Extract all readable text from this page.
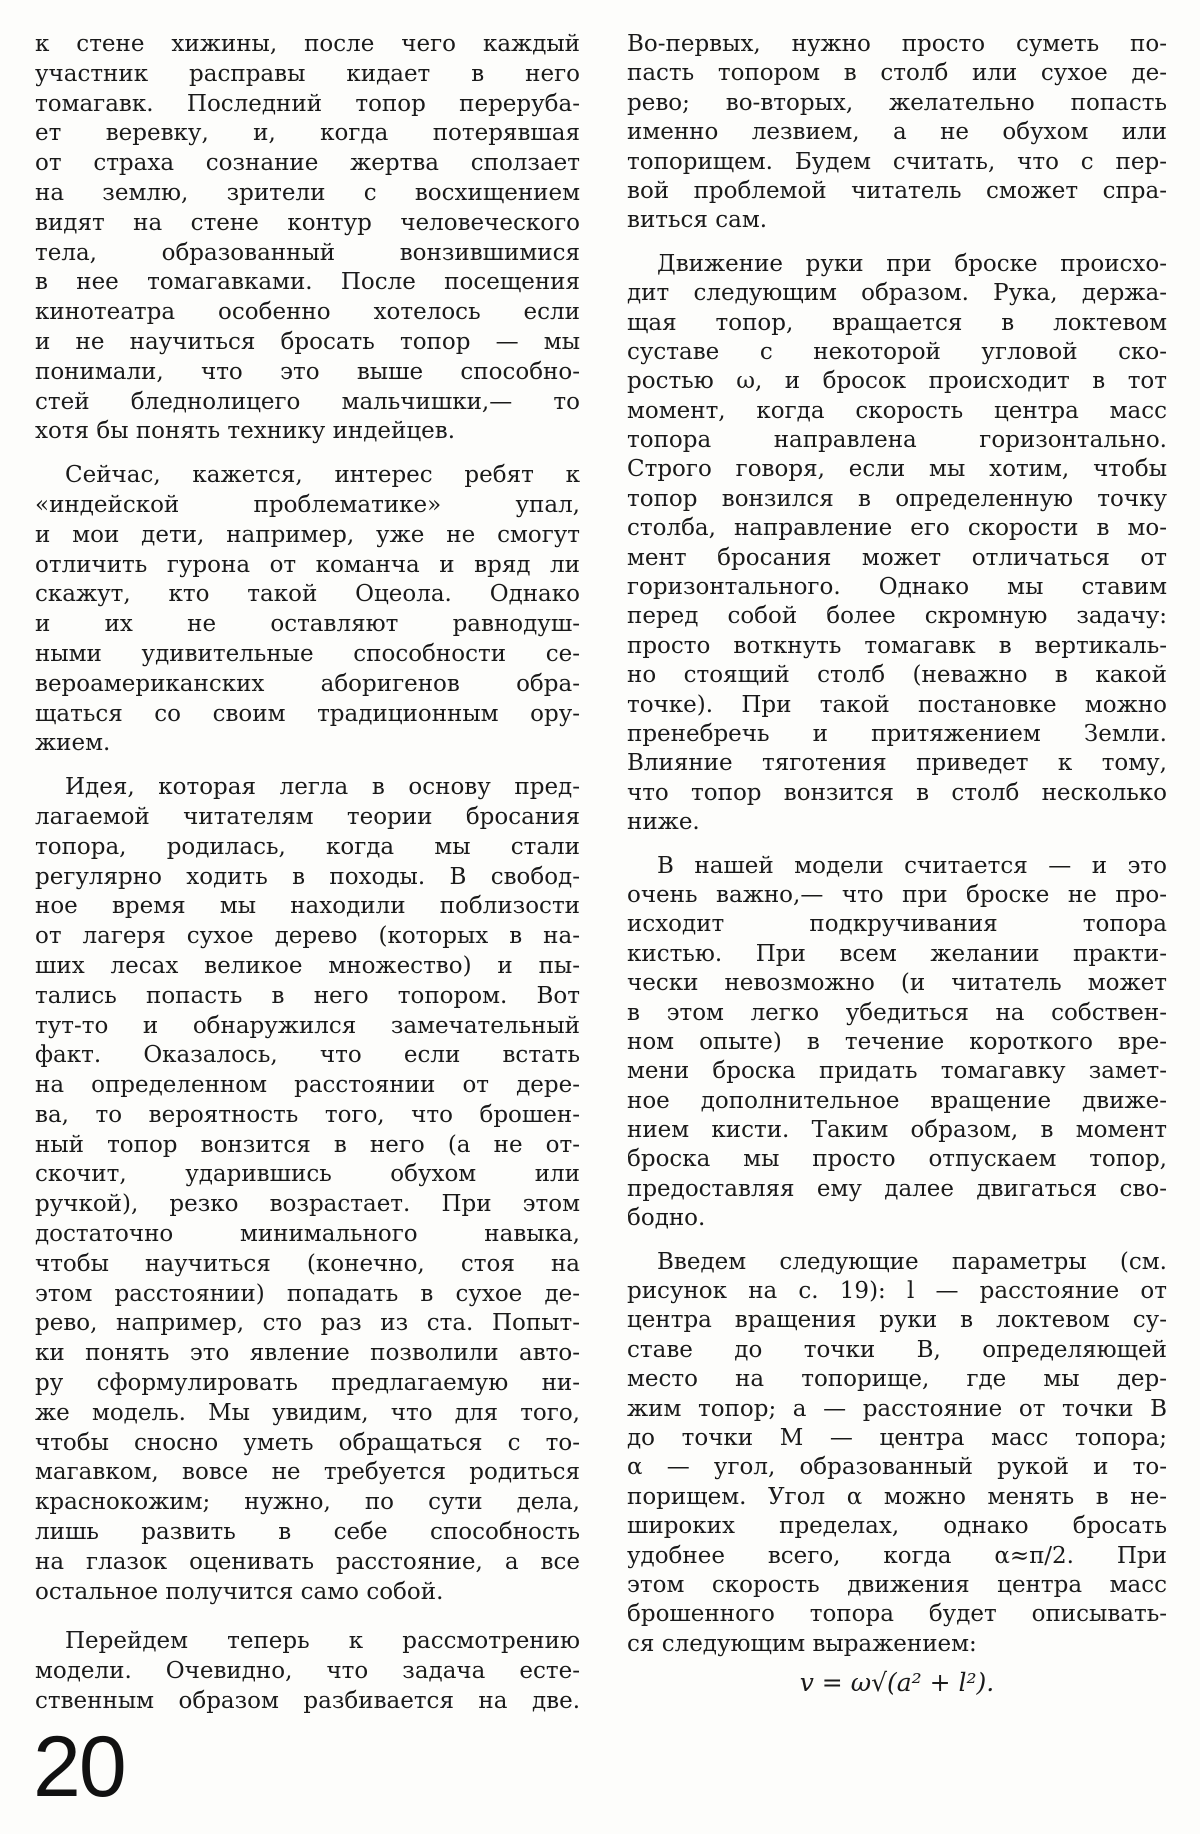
к стене хижины, после чего каждый
участник расправы кидает в него
томагавк. Последний топор переруба-
ет веревку, и, когда потерявшая
от страха сознание жертва сползает
на землю, зрители с восхищением
видят на стене контур человеческого
тела, образованный вонзившимися
в нее томагавками. После посещения
кинотеатра особенно хотелось если
и не научиться бросать топор — мы
понимали, что это выше способно-
стей бледнолицего мальчишки,— то
хотя бы понять технику индейцев.
Сейчас, кажется, интерес ребят к
«индейской проблематике» упал,
и мои дети, например, уже не смогут
отличить гурона от команча и вряд ли
скажут, кто такой Оцеола. Однако
и их не оставляют равнодуш-
ными удивительные способности се-
вероамериканских аборигенов обра-
щаться со своим традиционным ору-
жием.
Идея, которая легла в основу пред-
лагаемой читателям теории бросания
топора, родилась, когда мы стали
регулярно ходить в походы. В свобод-
ное время мы находили поблизости
от лагеря сухое дерево (которых в на-
ших лесах великое множество) и пы-
тались попасть в него топором. Вот
тут-то и обнаружился замечательный
факт. Оказалось, что если встать
на определенном расстоянии от дере-
ва, то вероятность того, что брошен-
ный топор вонзится в него (а не от-
скочит, ударившись обухом или
ручкой), резко возрастает. При этом
достаточно минимального навыка,
чтобы научиться (конечно, стоя на
этом расстоянии) попадать в сухое де-
рево, например, сто раз из ста. Попыт-
ки понять это явление позволили авто-
ру сформулировать предлагаемую ни-
же модель. Мы увидим, что для того,
чтобы сносно уметь обращаться с то-
магавком, вовсе не требуется родиться
краснокожим; нужно, по сути дела,
лишь развить в себе способность
на глазок оценивать расстояние, а все
остальное получится само собой.
Перейдем теперь к рассмотрению
модели. Очевидно, что задача есте-
ственным образом разбивается на две.
Во-первых, нужно просто суметь по-
пасть топором в столб или сухое де-
рево; во-вторых, желательно попасть
именно лезвием, а не обухом или
топорищем. Будем считать, что с пер-
вой проблемой читатель сможет спра-
виться сам.
Движение руки при броске происхо-
дит следующим образом. Рука, держа-
щая топор, вращается в локтевом
суставе с некоторой угловой ско-
ростью ω, и бросок происходит в тот
момент, когда скорость центра масс
топора направлена горизонтально.
Строго говоря, если мы хотим, чтобы
топор вонзился в определенную точку
столба, направление его скорости в мо-
мент бросания может отличаться от
горизонтального. Однако мы ставим
перед собой более скромную задачу:
просто воткнуть томагавк в вертикаль-
но стоящий столб (неважно в какой
точке). При такой постановке можно
пренебречь и притяжением Земли.
Влияние тяготения приведет к тому,
что топор вонзится в столб несколько
ниже.
В нашей модели считается — и это
очень важно,— что при броске не про-
исходит подкручивания топора
кистью. При всем желании практи-
чески невозможно (и читатель может
в этом легко убедиться на собствен-
ном опыте) в течение короткого вре-
мени броска придать томагавку замет-
ное дополнительное вращение движе-
нием кисти. Таким образом, в момент
броска мы просто отпускаем топор,
предоставляя ему далее двигаться сво-
бодно.
Введем следующие параметры (см.
рисунок на с. 19): l — расстояние от
центра вращения руки в локтевом су-
ставе до точки B, определяющей
место на топорище, где мы дер-
жим топор; a — расстояние от точки B
до точки M — центра масс топора;
α — угол, образованный рукой и то-
порищем. Угол α можно менять в не-
широких пределах, однако бросать
удобнее всего, когда α≈π/2. При
этом скорость движения центра масс
брошенного топора будет описывать-
ся следующим выражением:
v = ω√(a² + l²).
20
